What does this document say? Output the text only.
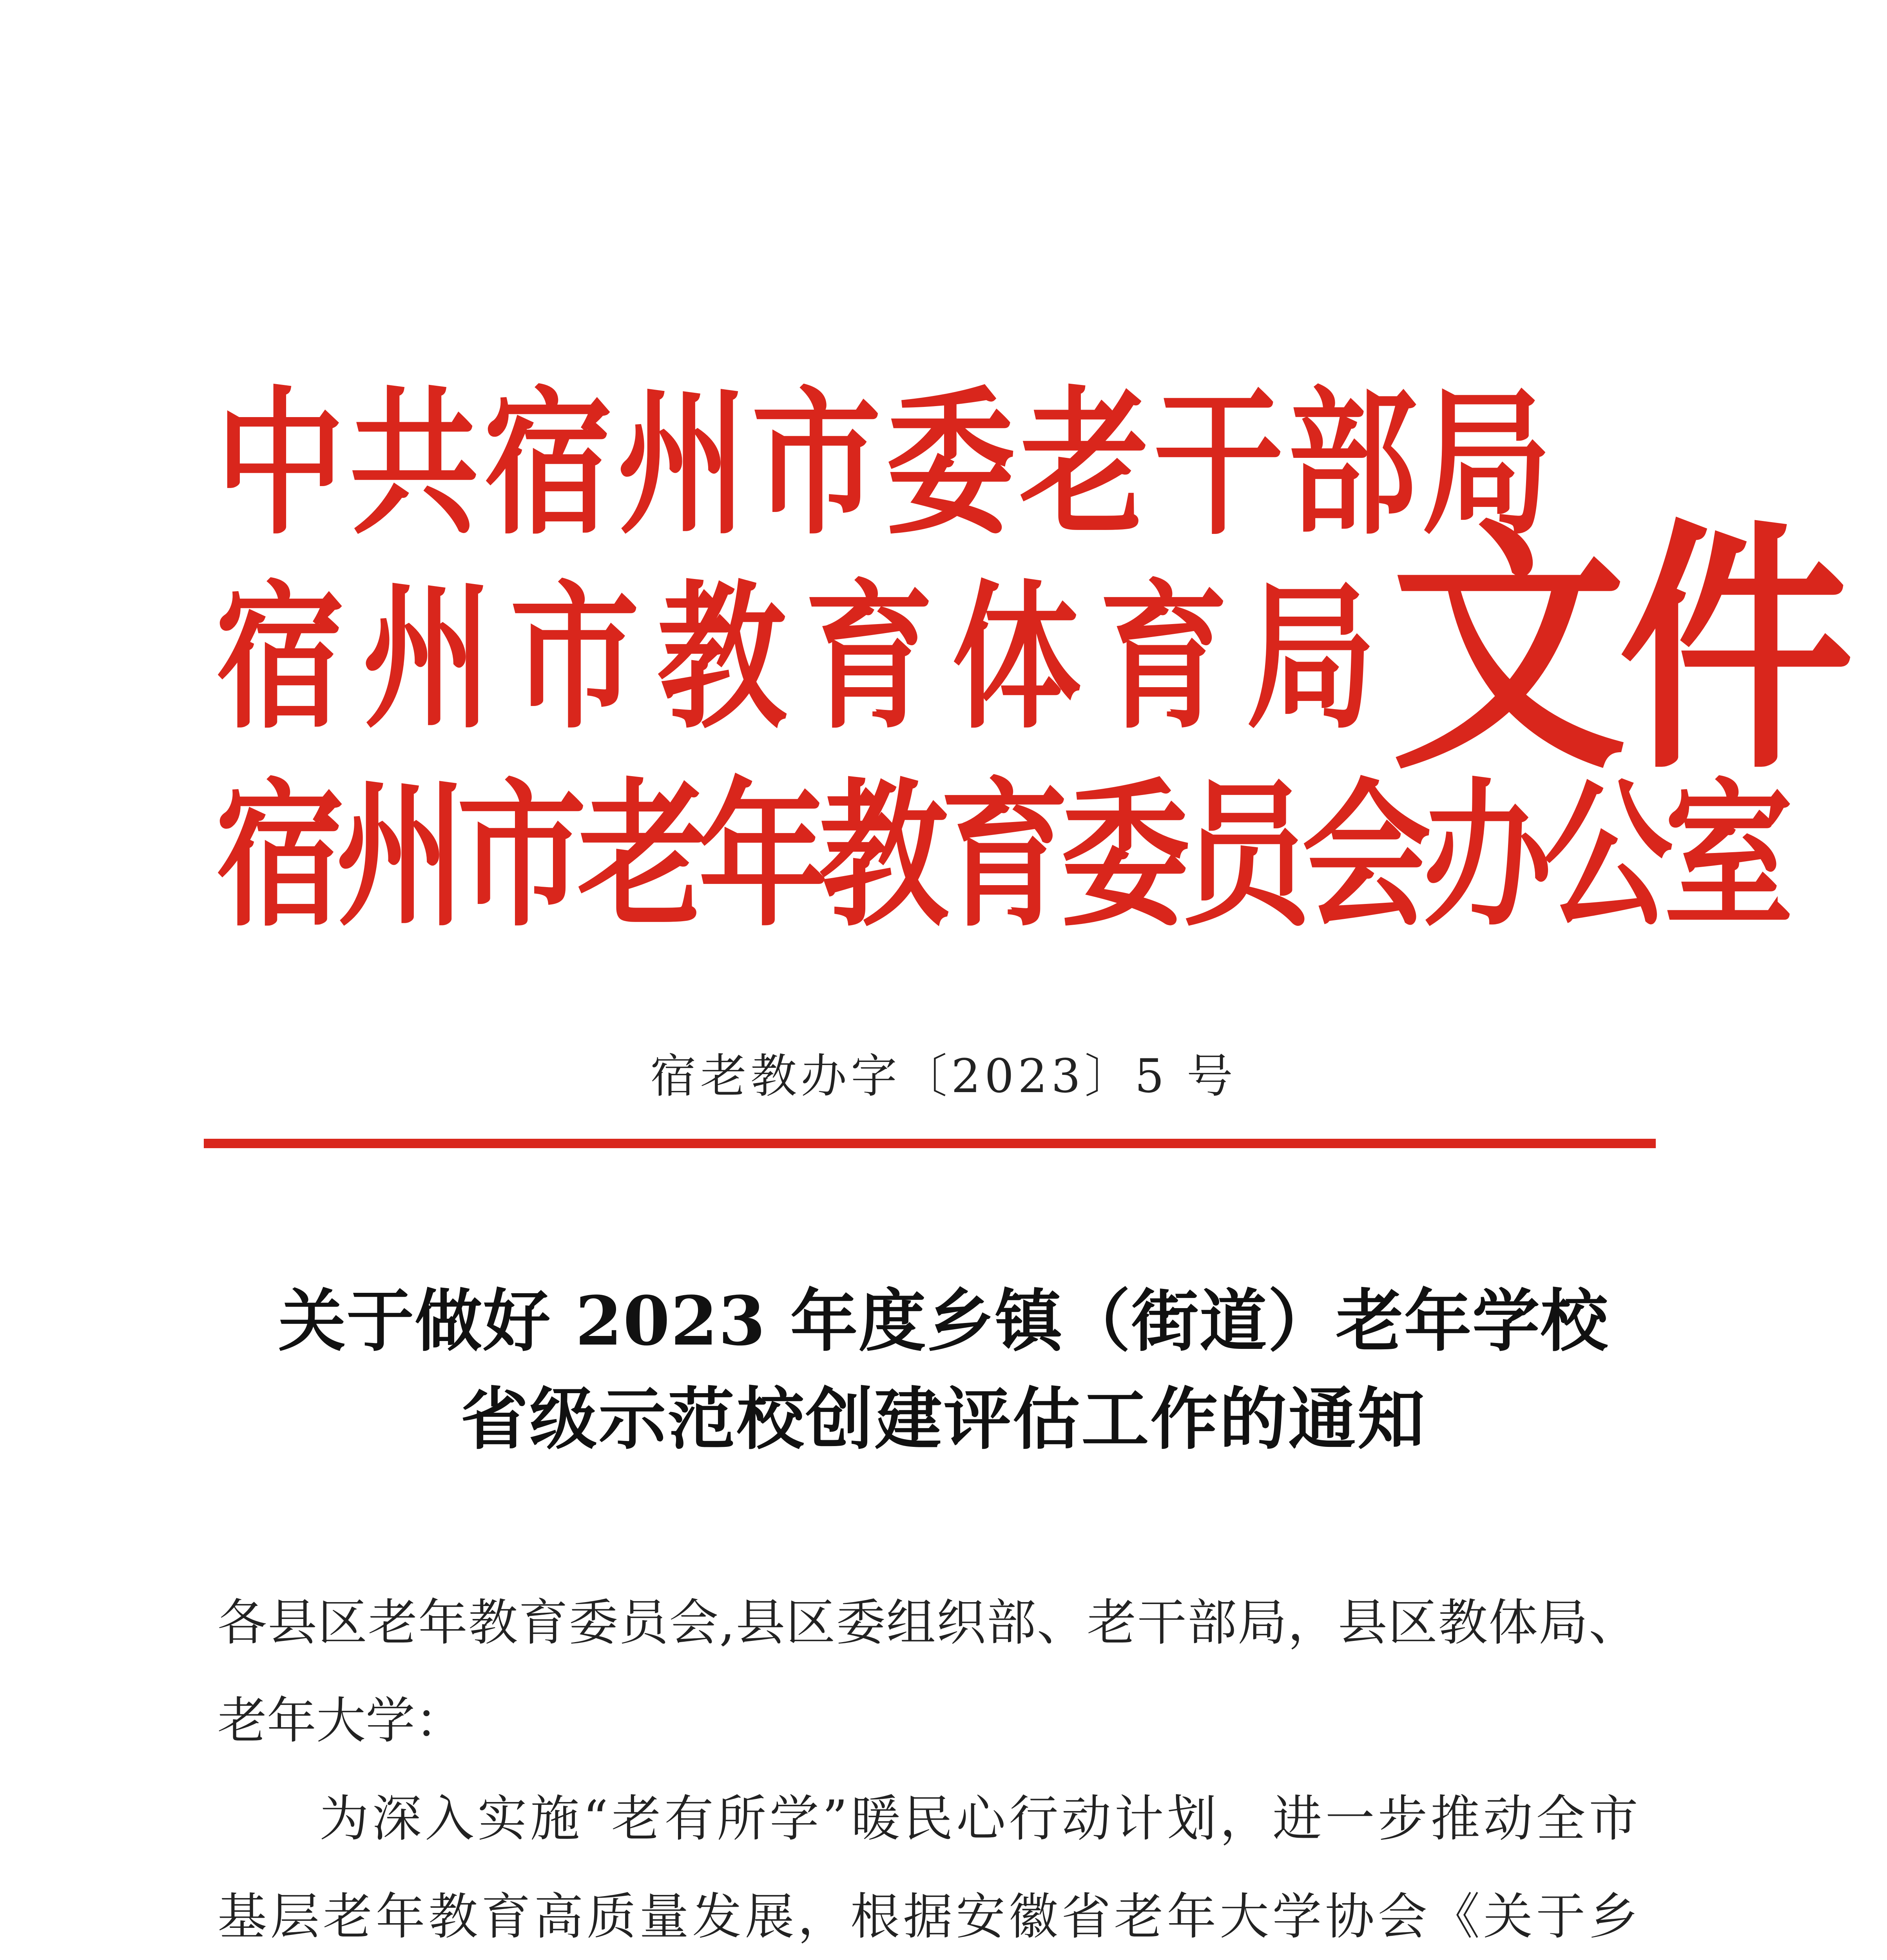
中共宿州市委老干部局
宿 州 市 教 育 体 育 局
宿州市老年教育委员会办公室
文件
宿老教办字〔2023〕5 号
关于做好 2023 年度乡镇（街道）老年学校
省级示范校创建评估工作的通知
各县区老年教育委员会,县区委组织部、老干部局，县区教体局、
老年大学：
为深入实施“老有所学”暖民心行动计划，进一步推动全市
基层老年教育高质量发展，根据安徽省老年大学协会《关于乡
